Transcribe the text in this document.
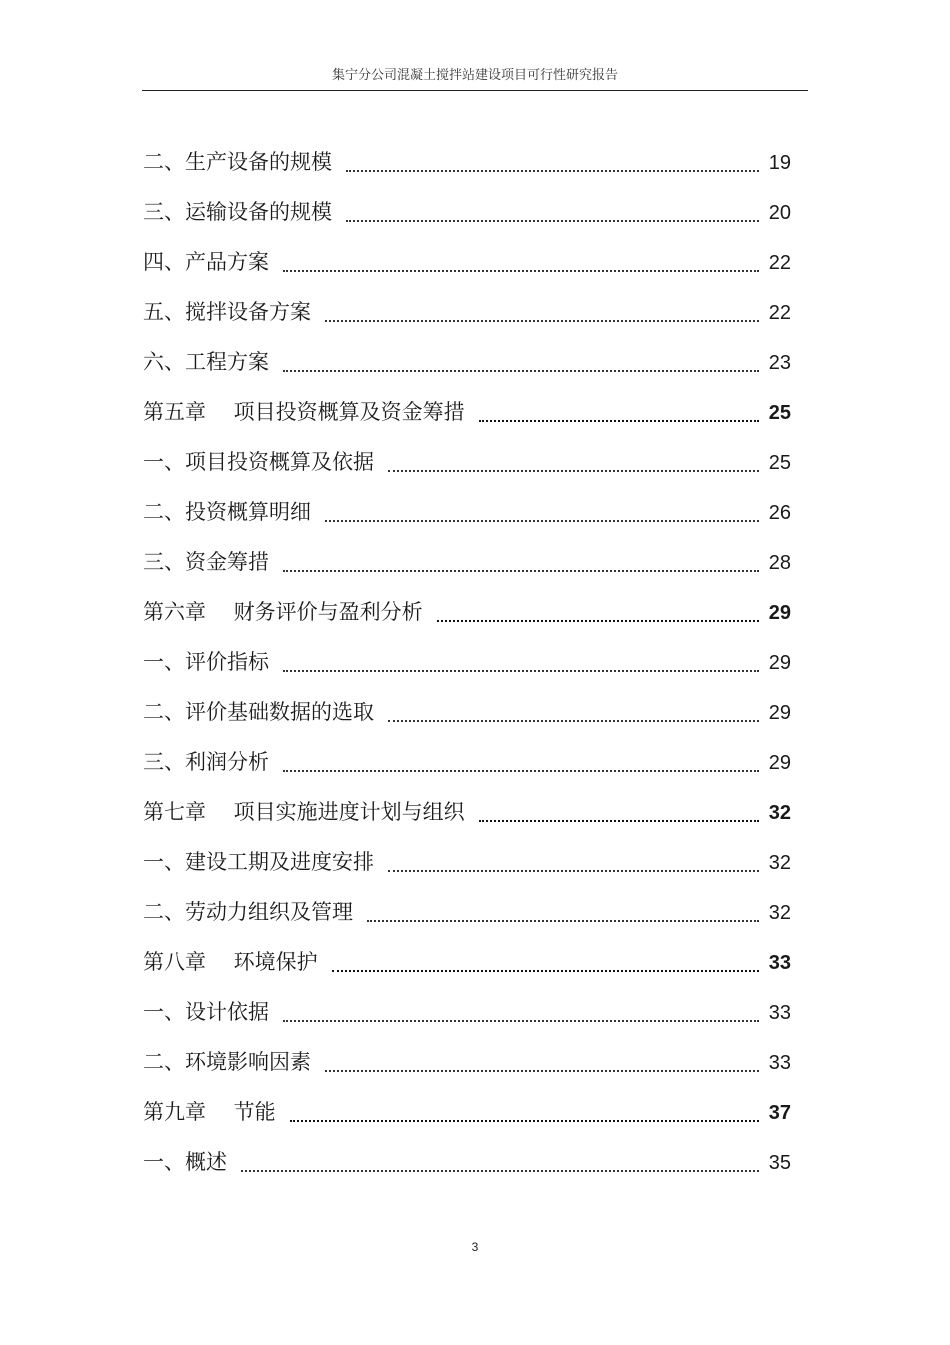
集宁分公司混凝土搅拌站建设项目可行性研究报告
二、生产设备的规模	19
三、运输设备的规模	20
四、产品方案	22
五、搅拌设备方案	22
六、工程方案	23
第五章　 项目投资概算及资金筹措	25
一、项目投资概算及依据	25
二、投资概算明细	26
三、资金筹措	28
第六章　 财务评价与盈利分析	29
一、评价指标	29
二、评价基础数据的选取	29
三、利润分析	29
第七章　 项目实施进度计划与组织	32
一、建设工期及进度安排	32
二、劳动力组织及管理	32
第八章　 环境保护	33
一、设计依据	33
二、环境影响因素	33
第九章　 节能	37
一、概述	35
3
